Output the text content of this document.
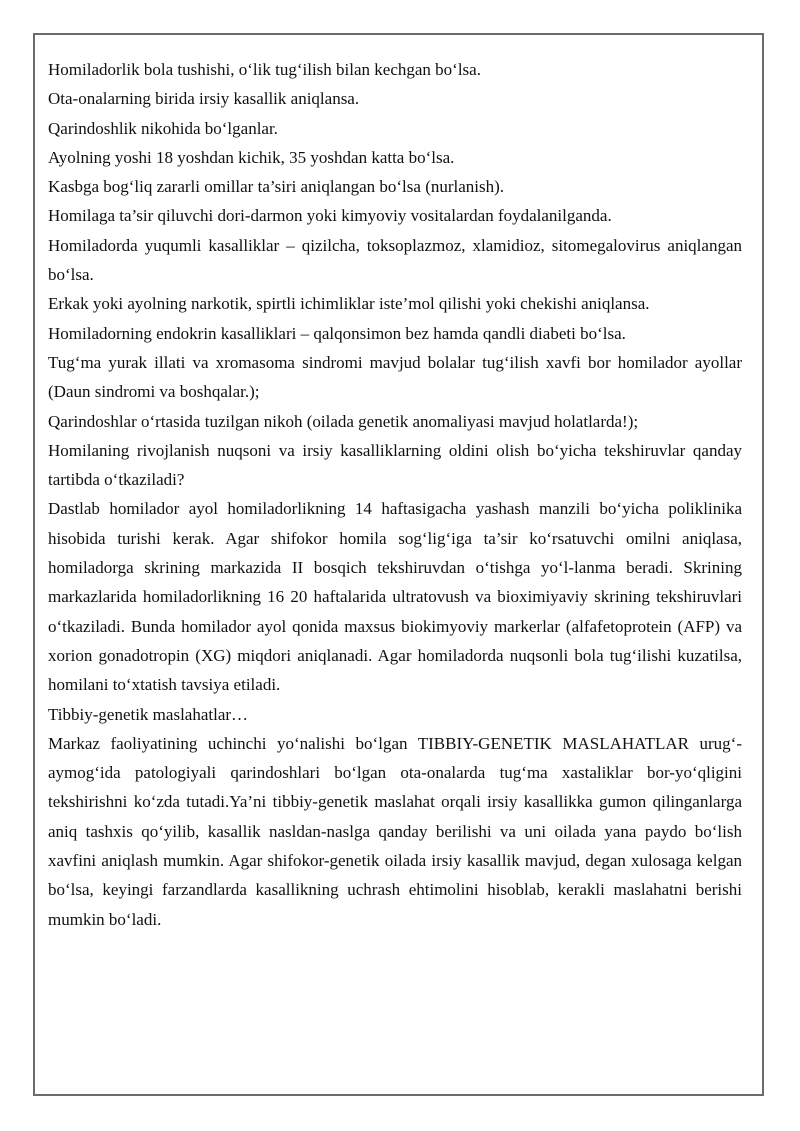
Homiladorlik bola tushishi, o‘lik tug‘ilish bilan kechgan bo‘lsa.

Ota-onalarning birida irsiy kasallik aniqlansa.

Qarindoshlik nikohida bo‘lganlar.

Ayolning yoshi 18 yoshdan kichik, 35 yoshdan katta bo‘lsa.

Kasbga bog‘liq zararli omillar ta’siri aniqlangan bo‘lsa (nurlanish).

Homilaga ta’sir qiluvchi dori-darmon yoki kimyoviy vositalardan foydalanilganda.

Homiladorda yuqumli kasalliklar – qizilcha, toksoplazmoz, xlamidioz, sitomegalovirus aniqlangan bo‘lsa.

Erkak yoki ayolning narkotik, spirtli ichimliklar iste’mol qilishi yoki chekishi aniqlansa.

Homiladorning endokrin kasalliklari – qalqonsimon bez hamda qandli diabeti bo‘lsa.

Tug‘ma yurak illati va xromasoma sindromi mavjud bolalar tug‘ilish xavfi bor homilador ayollar (Daun sindromi va boshqalar.);

Qarindoshlar o‘rtasida tuzilgan nikoh (oilada genetik anomaliyasi mavjud holatlarda!);

Homilaning rivojlanish nuqsoni va irsiy kasalliklarning oldini olish bo‘yicha tekshiruvlar qanday tartibda o‘tkaziladi?

Dastlab homilador ayol homiladorlikning 14 haftasigacha yashash manzili bo‘yicha poliklinika hisobida turishi kerak. Agar shifokor homila sog‘lig‘iga ta’sir ko‘rsatuvchi omilni aniqlasa, homiladorga skrining markazida II bosqich tekshiruvdan o‘tishga yo‘l-lanma beradi. Skrining markazlarida homiladorlikning 16 20 haftalarida ultratovush va bioximiyaviy skrining tekshiruvlari o‘tkaziladi. Bunda homilador ayol qonida maxsus biokimyoviy markerlar (alfafetoprotein (AFP) va xorion gonadotropin (XG) miqdori aniqlanadi. Agar homiladorda nuqsonli bola tug‘ilishi kuzatilsa, homilani to‘xtatish tavsiya etiladi.

Tibbiy-genetik maslahatlar…

Markaz faoliyatining uchinchi yo‘nalishi bo‘lgan TIBBIY-GENETIK MASLAHATLAR urug‘-aymog‘ida patologiyali qarindoshlari bo‘lgan ota-onalarda tug‘ma xastaliklar bor-yo‘qligini tekshirishni ko‘zda tutadi.Ya’ni tibbiy-genetik maslahat orqali irsiy kasallikka gumon qilinganlarga aniq tashxis qo‘yilib, kasallik nasldan-naslga qanday berilishi va uni oilada yana paydo bo‘lish xavfini aniqlash mumkin. Agar shifokor-genetik oilada irsiy kasallik mavjud, degan xulosaga kelgan bo‘lsa, keyingi farzandlarda kasallikning uchrash ehtimolini hisoblab, kerakli maslahatni berishi mumkin bo‘ladi.
